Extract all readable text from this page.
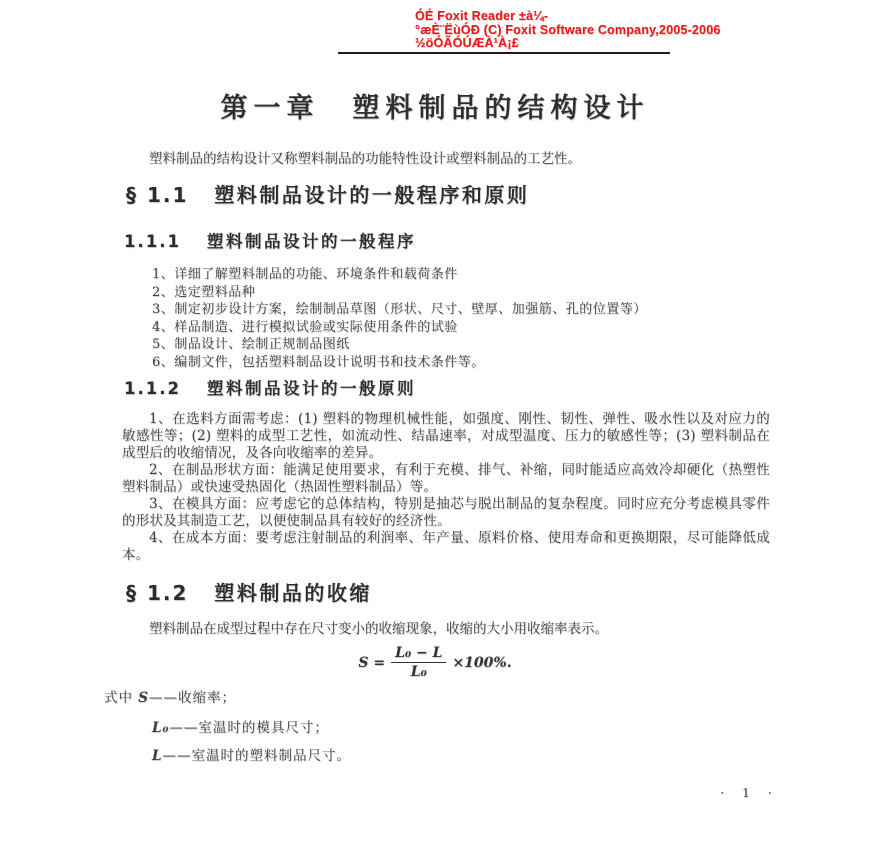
ÓÉ Foxit Reader ±à¼-
°æÈ¨ËùÓÐ (C) Foxit Software Company,2005-2006
½öÓÃÓÚÆÀ¹À¡£
第一章　塑料制品的结构设计
塑料制品的结构设计又称塑料制品的功能特性设计或塑料制品的工艺性。
§ 1.1 塑料制品设计的一般程序和原则
1.1.1 塑料制品设计的一般程序
1、详细了解塑料制品的功能、环境条件和载荷条件
2、选定塑料品种
3、制定初步设计方案，绘制制品草图（形状、尺寸、壁厚、加强筋、孔的位置等）
4、样品制造、进行模拟试验或实际使用条件的试验
5、制品设计、绘制正规制品图纸
6、编制文件，包括塑料制品设计说明书和技术条件等。
1.1.2 塑料制品设计的一般原则

1、在选料方面需考虑：(1) 塑料的物理机械性能，如强度、刚性、韧性、弹性、吸水性以及对应力的敏感性等；(2) 塑料的成型工艺性，如流动性、结晶速率，对成型温度、压力的敏感性等；(3) 塑料制品在成型后的收缩情况，及各向收缩率的差异。

2、在制品形状方面：能满足使用要求，有利于充模、排气、补缩，同时能适应高效冷却硬化（热塑性塑料制品）或快速受热固化（热固性塑料制品）等。

3、在模具方面：应考虑它的总体结构，特别是抽芯与脱出制品的复杂程度。同时应充分考虑模具零件的形状及其制造工艺，以便使制品具有较好的经济性。

4、在成本方面：要考虑注射制品的利润率、年产量、原料价格、使用寿命和更换期限，尽可能降低成本。

§ 1.2 塑料制品的收缩
塑料制品在成型过程中存在尺寸变小的收缩现象，收缩的大小用收缩率表示。
$S = \frac{\text{L₀ − L}}{\text{L₀}} \times 100\%$.
式中 S——收缩率；
L₀——室温时的模具尺寸；
L——室温时的塑料制品尺寸。
· 1 ·
